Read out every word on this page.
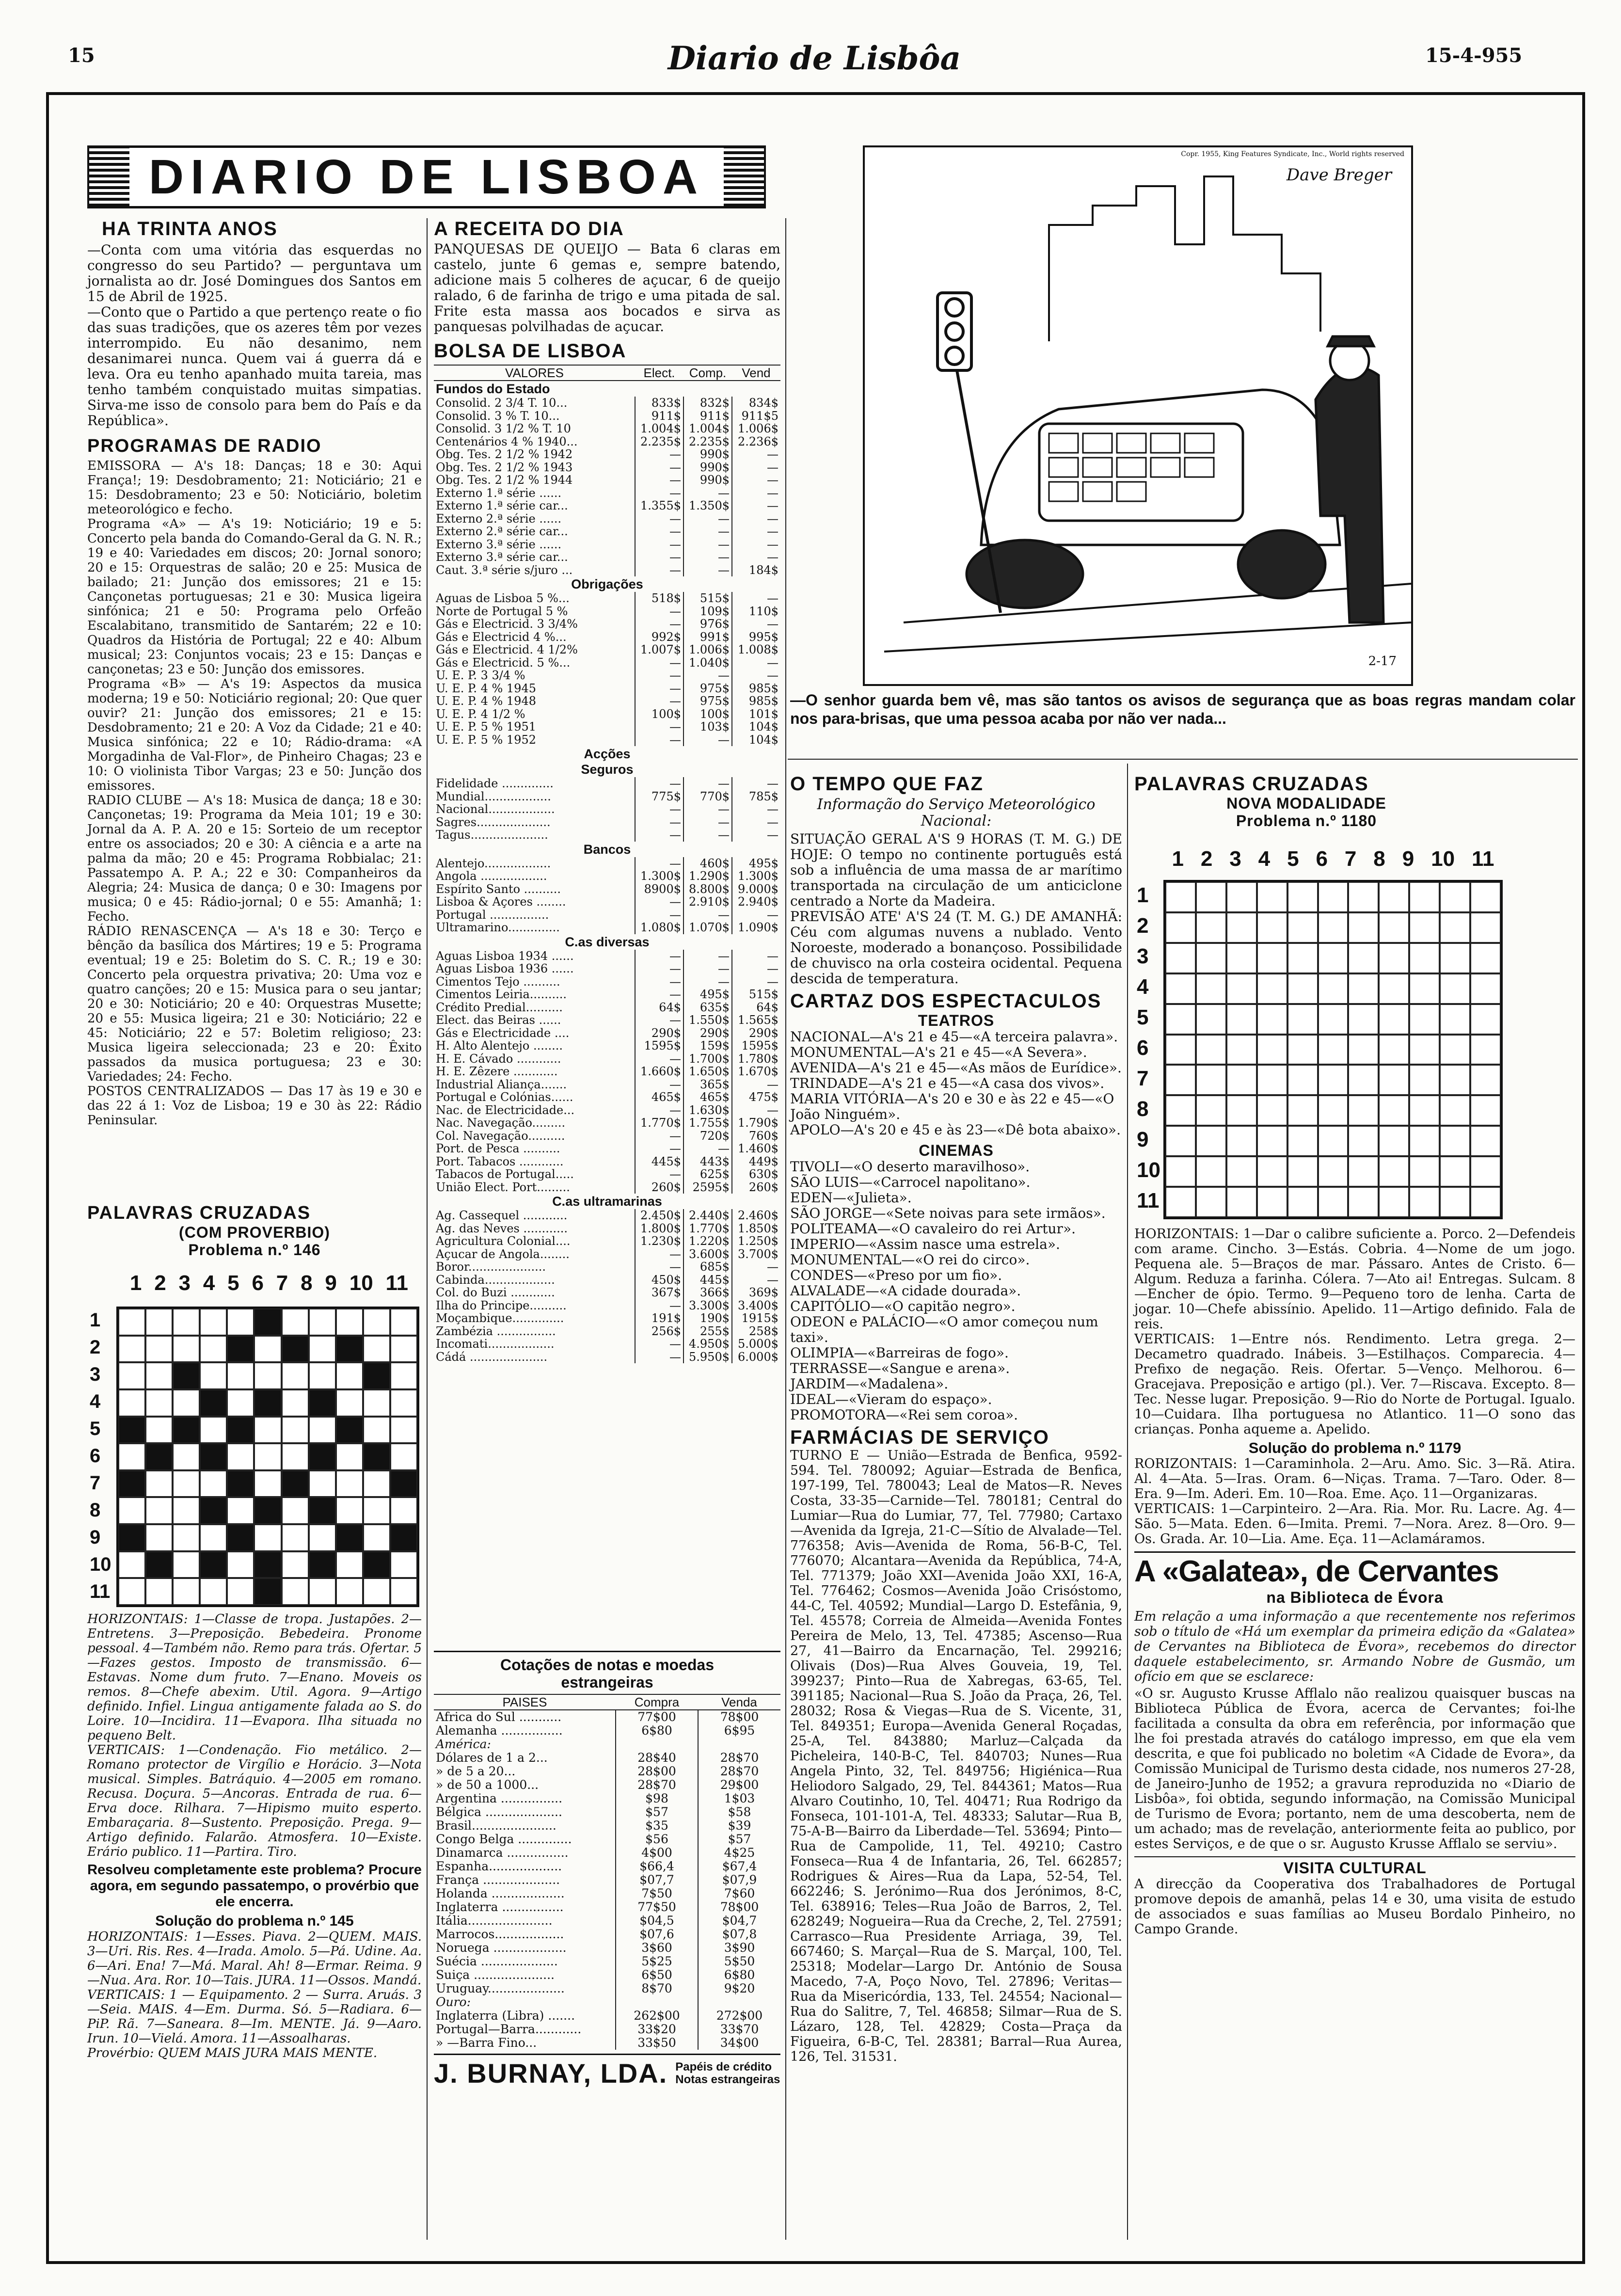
15	Diario de Lisbôa	15-4-955
DIARIO DE LISBOA
HA TRINTA ANOS
—Conta com uma vitória das esquerdas no congresso do seu Partido? — perguntava um jornalista ao dr. José Domingues dos Santos em 15 de Abril de 1925.
—Conto que o Partido a que pertenço reate o fio das suas tradições, que os azeres têm por vezes interrompido. Eu não desanimo, nem desanimarei nunca. Quem vai á guerra dá e leva. Ora eu tenho apanhado muita tareia, mas tenho também conquistado muitas simpatias. Sirva-me isso de consolo para bem do País e da República».
PROGRAMAS DE RADIO
EMISSORA — A's 18: Danças; 18 e 30: Aqui França!; 19: Desdobramento; 21: Noticiário; 21 e 15: Desdobramento; 23 e 50: Noticiário, boletim meteorológico e fecho.
Programa «A» — A's 19: Noticiário; 19 e 5: Concerto pela banda do Comando-Geral da G. N. R.; 19 e 40: Variedades em discos; 20: Jornal sonoro; 20 e 15: Orquestras de salão; 20 e 25: Musica de bailado; 21: Junção dos emissores; 21 e 15: Cançonetas portuguesas; 21 e 30: Musica ligeira sinfónica; 21 e 50: Programa pelo Orfeão Escalabitano, transmitido de Santarém; 22 e 10: Quadros da História de Portugal; 22 e 40: Album musical; 23: Conjuntos vocais; 23 e 15: Danças e cançonetas; 23 e 50: Junção dos emissores.
Programa «B» — A's 19: Aspectos da musica moderna; 19 e 50: Noticiário regional; 20: Que quer ouvir? 21: Junção dos emissores; 21 e 15: Desdobramento; 21 e 20: A Voz da Cidade; 21 e 40: Musica sinfónica; 22 e 10; Rádio-drama: «A Morgadinha de Val-Flor», de Pinheiro Chagas; 23 e 10: O violinista Tibor Vargas; 23 e 50: Junção dos emissores.
RADIO CLUBE — A's 18: Musica de dança; 18 e 30: Cançonetas; 19: Programa da Meia 101; 19 e 30: Jornal da A. P. A. 20 e 15: Sorteio de um receptor entre os associados; 20 e 30: A ciência e a arte na palma da mão; 20 e 45: Programa Robbialac; 21: Passatempo A. P. A.; 22 e 30: Companheiros da Alegria; 24: Musica de dança; 0 e 30: Imagens por musica; 0 e 45: Rádio-jornal; 0 e 55: Amanhã; 1: Fecho.
RÁDIO RENASCENÇA — A's 18 e 30: Terço e bênção da basílica dos Mártires; 19 e 5: Programa eventual; 19 e 25: Boletim do S. C. R.; 19 e 30: Concerto pela orquestra privativa; 20: Uma voz e quatro canções; 20 e 15: Musica para o seu jantar; 20 e 30: Noticiário; 20 e 40: Orquestras Musette; 20 e 55: Musica ligeira; 21 e 30: Noticiário; 22 e 45: Noticiário; 22 e 57: Boletim religioso; 23: Musica ligeira seleccionada; 23 e 20: Êxito passados da musica portuguesa; 23 e 30: Variedades; 24: Fecho.
POSTOS CENTRALIZADOS — Das 17 às 19 e 30 e das 22 á 1: Voz de Lisboa; 19 e 30 às 22: Rádio Peninsular.
PALAVRAS CRUZADAS
(COM PROVERBIO)
Problema n.º 146
1 2 3 4 5 6 7 8 9 10 11
1
2
3
4
5
6
7
8
9
10
11
HORIZONTAIS: 1—Classe de tropa. Justapões. 2—Entretens. 3—Preposição. Bebedeira. Pronome pessoal. 4—Também não. Remo para trás. Ofertar. 5—Fazes gestos. Imposto de transmissão. 6—Estavas. Nome dum fruto. 7—Enano. Moveis os remos. 8—Chefe abexim. Util. Agora. 9—Artigo definido. Infiel. Lingua antigamente falada ao S. do Loire. 10—Incidira. 11—Evapora. Ilha situada no pequeno Belt.
VERTICAIS: 1—Condenação. Fio metálico. 2—Romano protector de Virgílio e Horácio. 3—Nota musical. Simples. Batráquio. 4—2005 em romano. Recusa. Doçura. 5—Ancoras. Entrada de rua. 6—Erva doce. Rilhara. 7—Hipismo muito esperto. Embaraçaria. 8—Sustento. Preposição. Prega. 9— Artigo definido. Falarão. Atmosfera. 10—Existe. Erário publico. 11—Partira. Tiro.
Resolveu completamente este problema? Procure agora, em segundo passatempo, o provérbio que ele encerra.
Solução do problema n.º 145
HORIZONTAIS: 1—Esses. Piava. 2—QUEM. MAIS. 3—Uri. Ris. Res. 4—Irada. Amolo. 5—Pá. Udine. Aa. 6—Ari. Ena! 7—Má. Maral. Ah! 8—Ermar. Reima. 9—Nua. Ara. Ror. 10—Tais. JURA. 11—Ossos. Mandá.
VERTICAIS: 1 — Equipamento. 2 — Surra. Aruás. 3—Seia. MAIS. 4—Em. Durma. Só. 5—Radiara. 6—PiP. Rã. 7—Saneara. 8—Im. MENTE. Já. 9—Aaro. Irun. 10—Vielá. Amora. 11—Assoalharas.
Provérbio: QUEM MAIS JURA MAIS MENTE.
A RECEITA DO DIA
PANQUESAS DE QUEIJO — Bata 6 claras em castelo, junte 6 gemas e, sempre batendo, adicione mais 5 colheres de açucar, 6 de queijo ralado, 6 de farinha de trigo e uma pitada de sal. Frite esta massa aos bocados e sirva as panquesas polvilhadas de açucar.
BOLSA DE LISBOA
VALORES	Elect.	Comp.	Vend
Fundos do Estado			
Consolid. 2 3/4 T. 10...	833$	832$	834$
Consolid. 3 % T. 10...	911$	911$	911$5
Consolid. 3 1/2 % T. 10	1.004$	1.004$	1.006$
Centenários 4 % 1940...	2.235$	2.235$	2.236$
Obg. Tes. 2 1/2 % 1942	—	990$	—
Obg. Tes. 2 1/2 % 1943	—	990$	—
Obg. Tes. 2 1/2 % 1944	—	990$	—
Externo 1.ª série ......	—	—	—
Externo 1.ª série car...	1.355$	1.350$	—
Externo 2.ª série ......	—	—	—
Externo 2.ª série car...	—	—	—
Externo 3.ª série ......	—	—	—
Externo 3.ª série car...	—	—	—
Caut. 3.ª série s/juro ...	—	—	184$
Obrigações			
Aguas de Lisboa 5 %...	518$	515$	—
Norte de Portugal 5 %	—	109$	110$
Gás e Electricid. 3 3/4%	—	976$	—
Gás e Electricid 4 %...	992$	991$	995$
Gás e Electricid. 4 1/2%	1.007$	1.006$	1.008$
Gás e Electricid. 5 %...	—	1.040$	—
U. E. P. 3 3/4 %	—	—	—
U. E. P. 4 % 1945	—	975$	985$
U. E. P. 4 % 1948	—	975$	985$
U. E. P. 4 1/2 %	100$	100$	101$
U. E. P. 5 % 1951	—	103$	104$
U. E. P. 5 % 1952	—	—	104$
Acções			
Seguros			
Fidelidade ..............	—	—	—
Mundial..................	775$	770$	785$
Nacional..................	—	—	—
Sagres....................	—	—	—
Tagus.....................	—	—	—
Bancos			
Alentejo..................	—	460$	495$
Angola ..................	1.300$	1.290$	1.300$
Espírito Santo ..........	8900$	8.800$	9.000$
Lisboa & Açores ........	—	2.910$	2.940$
Portugal ................	—	—	—
Ultramarino..............	1.080$	1.070$	1.090$
C.as diversas			
Aguas Lisboa 1934 ......	—	—	—
Aguas Lisboa 1936 ......	—	—	—
Cimentos Tejo ..........	—	—	—
Cimentos Leiria..........	—	495$	515$
Crédito Predial..........	64$	635$	64$
Elect. das Beiras ......	—	1.550$	1.565$
Gás e Electricidade ....	290$	290$	290$
H. Alto Alentejo ........	1595$	159$	1595$
H. E. Cávado ............	—	1.700$	1.780$
H. E. Zêzere ............	1.660$	1.650$	1.670$
Industrial Aliança.......	—	365$	—
Portugal e Colónias......	465$	465$	475$
Nac. de Electricidade...	—	1.630$	—
Nac. Navegação.........	1.770$	1.755$	1.790$
Col. Navegação..........	—	720$	760$
Port. de Pesca ..........	—	—	1.460$
Port. Tabacos ............	445$	443$	449$
Tabacos de Portugal.....	—	625$	630$
União Elect. Port.........	260$	2595$	260$
C.as ultramarinas			
Ag. Cassequel ............	2.450$	2.440$	2.460$
Ag. das Neves ............	1.800$	1.770$	1.850$
Agricultura Colonial....	1.230$	1.220$	1.250$
Açucar de Angola........	—	3.600$	3.700$
Boror.....................	—	685$	—
Cabinda...................	450$	445$	—
Col. do Buzi ............	367$	366$	369$
Ilha do Principe..........	—	3.300$	3.400$
Moçambique..............	191$	190$	1915$
Zambézia ................	256$	255$	258$
Incomati..................	—	4.950$	5.000$
Cádá .....................	—	5.950$	6.000$
Cotações de notas e moedas estrangeiras
PAISES	Compra	Venda
Africa do Sul ...........	77$00	78$00
Alemanha ................	6$80	6$95
América:		
Dólares de 1 a 2...	28$40	28$70
» de 5 a 20...	28$00	28$70
» de 50 a 1000...	28$70	29$00
Argentina ................	$98	1$03
Bélgica ....................	$57	$58
Brasil......................	$35	$39
Congo Belga ..............	$56	$57
Dinamarca ................	4$00	4$25
Espanha...................	$66,4	$67,4
França ....................	$07,7	$07,9
Holanda ...................	7$50	7$60
Inglaterra ................	77$50	78$00
Itália......................	$04,5	$04,7
Marrocos..................	$07,6	$07,8
Noruega ...................	3$60	3$90
Suécia ....................	5$25	5$50
Suiça .....................	6$50	6$80
Uruguay....................	8$70	9$20
Ouro:		
Inglaterra (Libra) .......	262$00	272$00
Portugal—Barra............	33$20	33$70
» —Barra Fino...	33$50	34$00
J. BURNAY, LDA. Papéis de crédito
Notas estrangeiras
Copr. 1955, King Features Syndicate, Inc., World rights reserved
Dave Breger
2-17
—O senhor guarda bem vê, mas são tantos os avisos de segurança que as boas regras mandam colar nos para-brisas, que uma pessoa acaba por não ver nada...
O TEMPO QUE FAZ
Informação do Serviço Meteorológico Nacional:
SITUAÇÃO GERAL A'S 9 HORAS (T. M. G.) DE HOJE: O tempo no continente português está sob a influência de uma massa de ar marítimo transportada na circulação de um anticiclone centrado a Norte da Madeira.
PREVISÃO ATE' A'S 24 (T. M. G.) DE AMANHÃ: Céu com algumas nuvens a nublado. Vento Noroeste, moderado a bonançoso. Possibilidade de chuvisco na orla costeira ocidental. Pequena descida de temperatura.
CARTAZ DOS ESPECTACULOS
TEATROS
NACIONAL—A's 21 e 45—«A terceira palavra».
MONUMENTAL—A's 21 e 45—«A Severa».
AVENIDA—A's 21 e 45—«As mãos de Eurídice».
TRINDADE—A's 21 e 45—«A casa dos vivos».
MARIA VITÓRIA—A's 20 e 30 e às 22 e 45—«O João Ninguém».
APOLO—A's 20 e 45 e às 23—«Dê bota abaixo».
CINEMAS
TIVOLI—«O deserto maravilhoso».
SÃO LUIS—«Carrocel napolitano».
EDEN—«Julieta».
SÃO JORGE—«Sete noivas para sete irmãos».
POLITEAMA—«O cavaleiro do rei Artur».
IMPERIO—«Assim nasce uma estrela».
MONUMENTAL—«O rei do circo».
CONDES—«Preso por um fio».
ALVALADE—«A cidade dourada».
CAPITÓLIO—«O capitão negro».
ODEON e PALÁCIO—«O amor começou num taxi».
OLIMPIA—«Barreiras de fogo».
TERRASSE—«Sangue e arena».
JARDIM—«Madalena».
IDEAL—«Vieram do espaço».
PROMOTORA—«Rei sem coroa».
FARMÁCIAS DE SERVIÇO
TURNO E — União—Estrada de Benfica, 9592-594. Tel. 780092; Aguiar—Estrada de Benfica, 197-199, Tel. 780043; Leal de Matos—R. Neves Costa, 33-35—Carnide—Tel. 780181; Central do Lumiar—Rua do Lumiar, 77, Tel. 77980; Cartaxo—Avenida da Igreja, 21-C—Sítio de Alvalade—Tel. 776358; Avis—Avenida de Roma, 56-B-C, Tel. 776070; Alcantara—Avenida da República, 74-A, Tel. 771379; João XXI—Avenida João XXI, 16-A, Tel. 776462; Cosmos—Avenida João Crisóstomo, 44-C, Tel. 40592; Mundial—Largo D. Estefânia, 9, Tel. 45578; Correia de Almeida—Avenida Fontes Pereira de Melo, 13, Tel. 47385; Ascenso—Rua 27, 41—Bairro da Encarnação, Tel. 299216; Olivais (Dos)—Rua Alves Gouveia, 19, Tel. 399237; Pinto—Rua de Xabregas, 63-65, Tel. 391185; Nacional—Rua S. João da Praça, 26, Tel. 28032; Rosa & Viegas—Rua de S. Vicente, 31, Tel. 849351; Europa—Avenida General Roçadas, 25-A, Tel. 843880; Marluz—Calçada da Picheleira, 140-B-C, Tel. 840703; Nunes—Rua Angela Pinto, 32, Tel. 849756; Higiénica—Rua Heliodoro Salgado, 29, Tel. 844361; Matos—Rua Alvaro Coutinho, 10, Tel. 40471; Rua Rodrigo da Fonseca, 101-101-A, Tel. 48333; Salutar—Rua B, 75-A-B—Bairro da Liberdade—Tel. 53694; Pinto—Rua de Campolide, 11, Tel. 49210; Castro Fonseca—Rua 4 de Infantaria, 26, Tel. 662857; Rodrigues & Aires—Rua da Lapa, 52-54, Tel. 662246; S. Jerónimo—Rua dos Jerónimos, 8-C, Tel. 638916; Teles—Rua João de Barros, 2, Tel. 628249; Nogueira—Rua da Creche, 2, Tel. 27591; Carrasco—Rua Presidente Arriaga, 39, Tel. 667460; S. Marçal—Rua de S. Marçal, 100, Tel. 25318; Modelar—Largo Dr. António de Sousa Macedo, 7-A, Poço Novo, Tel. 27896; Veritas—Rua da Misericórdia, 133, Tel. 24554; Nacional—Rua do Salitre, 7, Tel. 46858; Silmar—Rua de S. Lázaro, 128, Tel. 42829; Costa—Praça da Figueira, 6-B-C, Tel. 28381; Barral—Rua Aurea, 126, Tel. 31531.
PALAVRAS CRUZADAS
NOVA MODALIDADE
Problema n.º 1180
1 2 3 4 5 6 7 8 9 10 11
1
2
3
4
5
6
7
8
9
10
11
HORIZONTAIS: 1—Dar o calibre suficiente a. Porco. 2—Defendeis com arame. Cincho. 3—Estás. Cobria. 4—Nome de um jogo. Pequena ale. 5—Braços de mar. Pássaro. Antes de Cristo. 6—Algum. Reduza a farinha. Cólera. 7—Ato ai! Entregas. Sulcam. 8—Encher de ópio. Termo. 9—Pequeno toro de lenha. Carta de jogar. 10—Chefe abissínio. Apelido. 11—Artigo definido. Fala de reis.
VERTICAIS: 1—Entre nós. Rendimento. Letra grega. 2—Decametro quadrado. Inábeis. 3—Estilhaços. Comparecia. 4—Prefixo de negação. Reis. Ofertar. 5—Venço. Melhorou. 6—Gracejava. Preposição e artigo (pl.). Ver. 7—Riscava. Excepto. 8—Tec. Nesse lugar. Preposição. 9—Rio do Norte de Portugal. Igualo. 10—Cuidara. Ilha portuguesa no Atlantico. 11—O sono das crianças. Ponha aqueme a. Apelido.
Solução do problema n.º 1179
RORIZONTAIS: 1—Caraminhola. 2—Aru. Amo. Sic. 3—Rã. Atira. Al. 4—Ata. 5—Iras. Oram. 6—Niças. Trama. 7—Taro. Oder. 8—Era. 9—Im. Aderi. Em. 10—Roa. Eme. Aço. 11—Organizaras.
VERTICAIS: 1—Carpinteiro. 2—Ara. Ria. Mor. Ru. Lacre. Ag. 4—São. 5—Mata. Eden. 6—Imita. Premi. 7—Nora. Arez. 8—Oro. 9—Os. Grada. Ar. 10—Lia. Ame. Eça. 11—Aclamáramos.
A «Galatea», de Cervantes
na Biblioteca de Évora
Em relação a uma informação a que recentemente nos referimos sob o título de «Há um exemplar da primeira edição da «Galatea» de Cervantes na Biblioteca de Évora», recebemos do director daquele estabelecimento, sr. Armando Nobre de Gusmão, um ofício em que se esclarece:
«O sr. Augusto Krusse Afflalo não realizou quaisquer buscas na Biblioteca Pública de Évora, acerca de Cervantes; foi-lhe facilitada a consulta da obra em referência, por informação que lhe foi prestada através do catálogo impresso, em que ela vem descrita, e que foi publicado no boletim «A Cidade de Evora», da Comissão Municipal de Turismo desta cidade, nos numeros 27-28, de Janeiro-Junho de 1952; a gravura reproduzida no «Diario de Lisbôa», foi obtida, segundo informação, na Comissão Municipal de Turismo de Evora; portanto, nem de uma descoberta, nem de um achado; mas de revelação, anteriormente feita ao publico, por estes Serviços, e de que o sr. Augusto Krusse Afflalo se serviu».
VISITA CULTURAL
A direcção da Cooperativa dos Trabalhadores de Portugal promove depois de amanhã, pelas 14 e 30, uma visita de estudo de associados e suas famílias ao Museu Bordalo Pinheiro, no Campo Grande.
